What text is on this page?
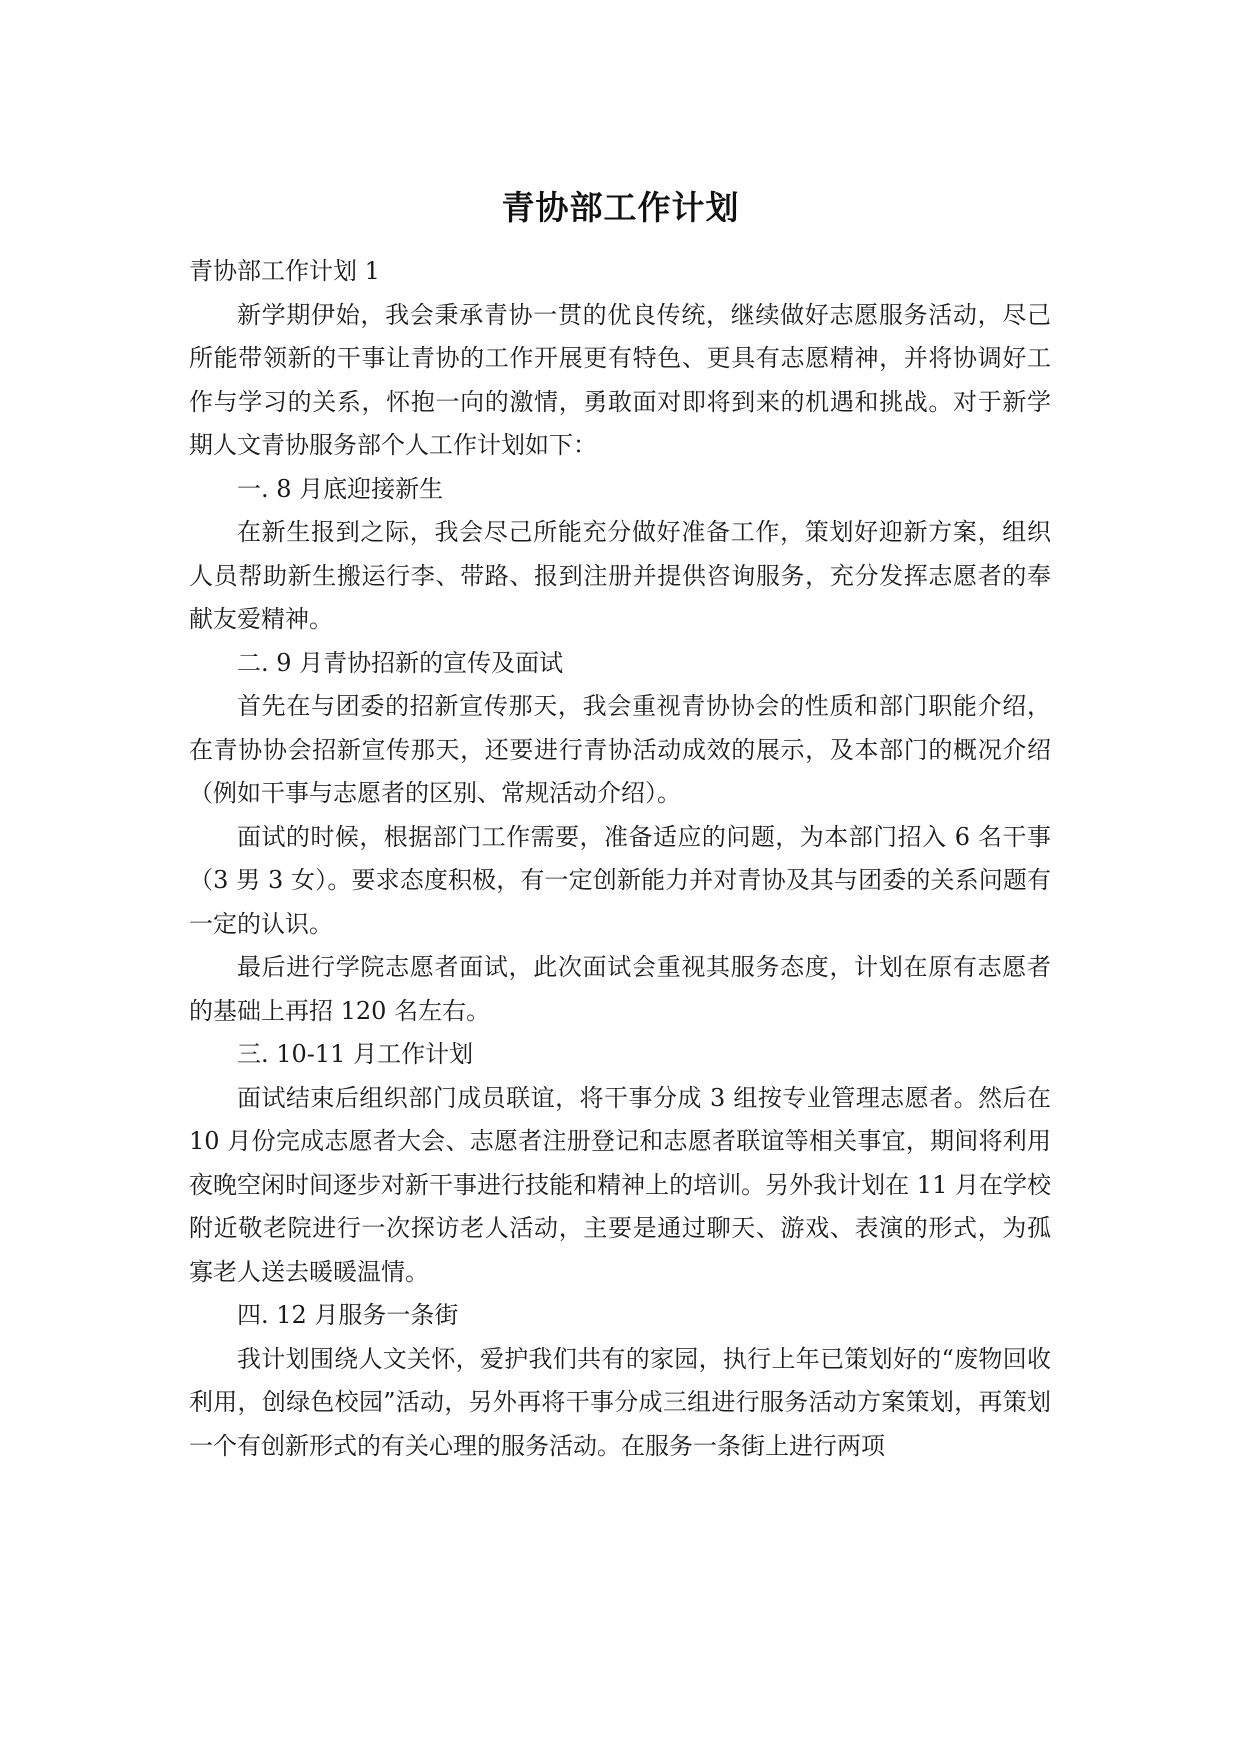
青协部工作计划

青协部工作计划 1

新学期伊始，我会秉承青协一贯的优良传统，继续做好志愿服务活动，尽己所能带领新的干事让青协的工作开展更有特色、更具有志愿精神，并将协调好工作与学习的关系，怀抱一向的激情，勇敢面对即将到来的机遇和挑战。对于新学期人文青协服务部个人工作计划如下：

一. 8 月底迎接新生

在新生报到之际，我会尽己所能充分做好准备工作，策划好迎新方案，组织人员帮助新生搬运行李、带路、报到注册并提供咨询服务，充分发挥志愿者的奉献友爱精神。

二. 9 月青协招新的宣传及面试

首先在与团委的招新宣传那天，我会重视青协协会的性质和部门职能介绍，在青协协会招新宣传那天，还要进行青协活动成效的展示，及本部门的概况介绍（例如干事与志愿者的区别、常规活动介绍）。

面试的时候，根据部门工作需要，准备适应的问题，为本部门招入 6 名干事（3 男 3 女）。要求态度积极，有一定创新能力并对青协及其与团委的关系问题有一定的认识。

最后进行学院志愿者面试，此次面试会重视其服务态度，计划在原有志愿者的基础上再招 120 名左右。

三. 10-11 月工作计划

面试结束后组织部门成员联谊，将干事分成 3 组按专业管理志愿者。然后在 10 月份完成志愿者大会、志愿者注册登记和志愿者联谊等相关事宜，期间将利用夜晚空闲时间逐步对新干事进行技能和精神上的培训。另外我计划在 11 月在学校附近敬老院进行一次探访老人活动，主要是通过聊天、游戏、表演的形式，为孤寡老人送去暖暖温情。

四. 12 月服务一条街

我计划围绕人文关怀，爱护我们共有的家园，执行上年已策划好的“废物回收利用，创绿色校园”活动，另外再将干事分成三组进行服务活动方案策划，再策划一个有创新形式的有关心理的服务活动。在服务一条街上进行两项
